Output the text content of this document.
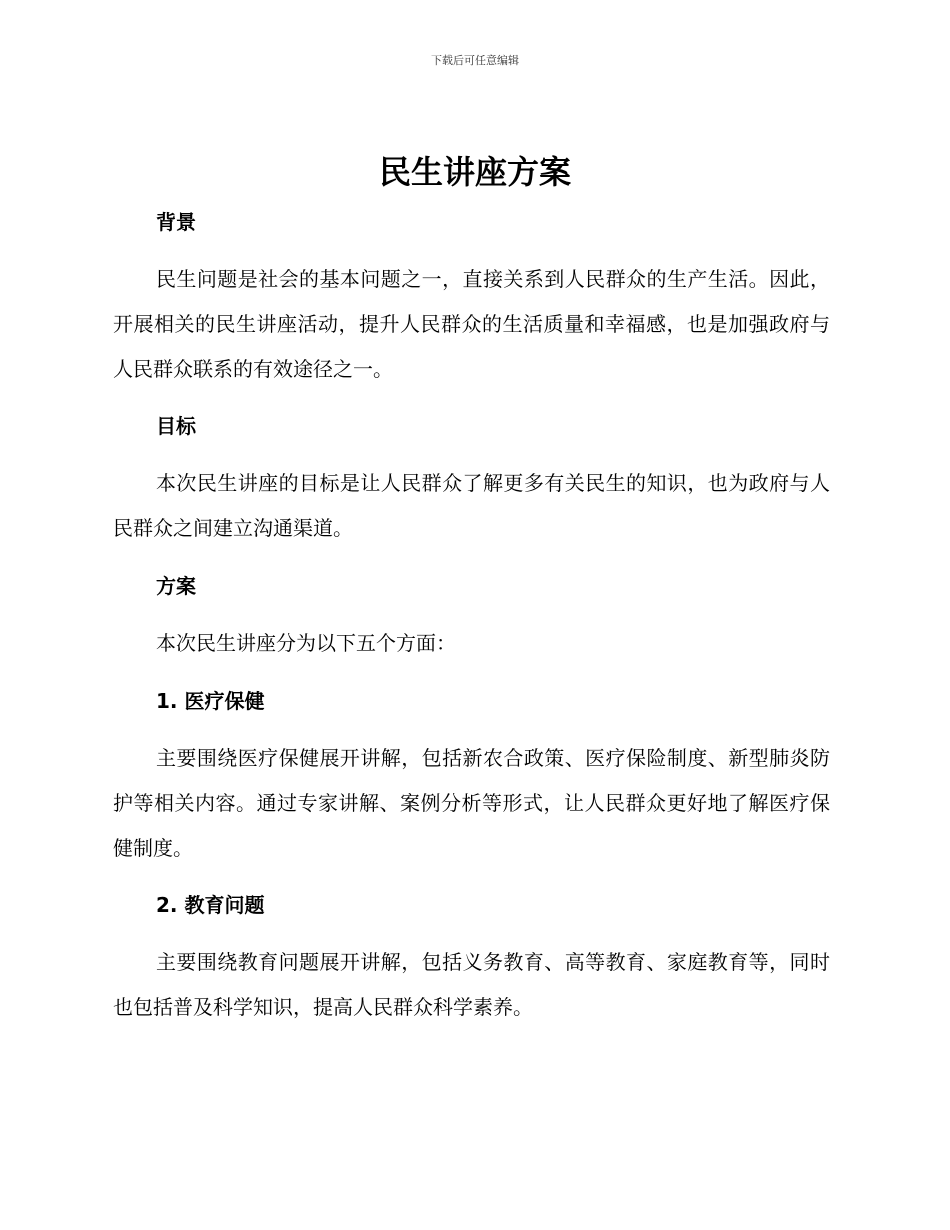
下载后可任意编辑
民生讲座方案
背景

民生问题是社会的基本问题之一，直接关系到人民群众的生产生活。因此，开展相关的民生讲座活动，提升人民群众的生活质量和幸福感，也是加强政府与人民群众联系的有效途径之一。

目标

本次民生讲座的目标是让人民群众了解更多有关民生的知识，也为政府与人民群众之间建立沟通渠道。

方案

本次民生讲座分为以下五个方面：

1. 医疗保健

主要围绕医疗保健展开讲解，包括新农合政策、医疗保险制度、新型肺炎防护等相关内容。通过专家讲解、案例分析等形式，让人民群众更好地了解医疗保健制度。

2. 教育问题

主要围绕教育问题展开讲解，包括义务教育、高等教育、家庭教育等，同时也包括普及科学知识，提高人民群众科学素养。
